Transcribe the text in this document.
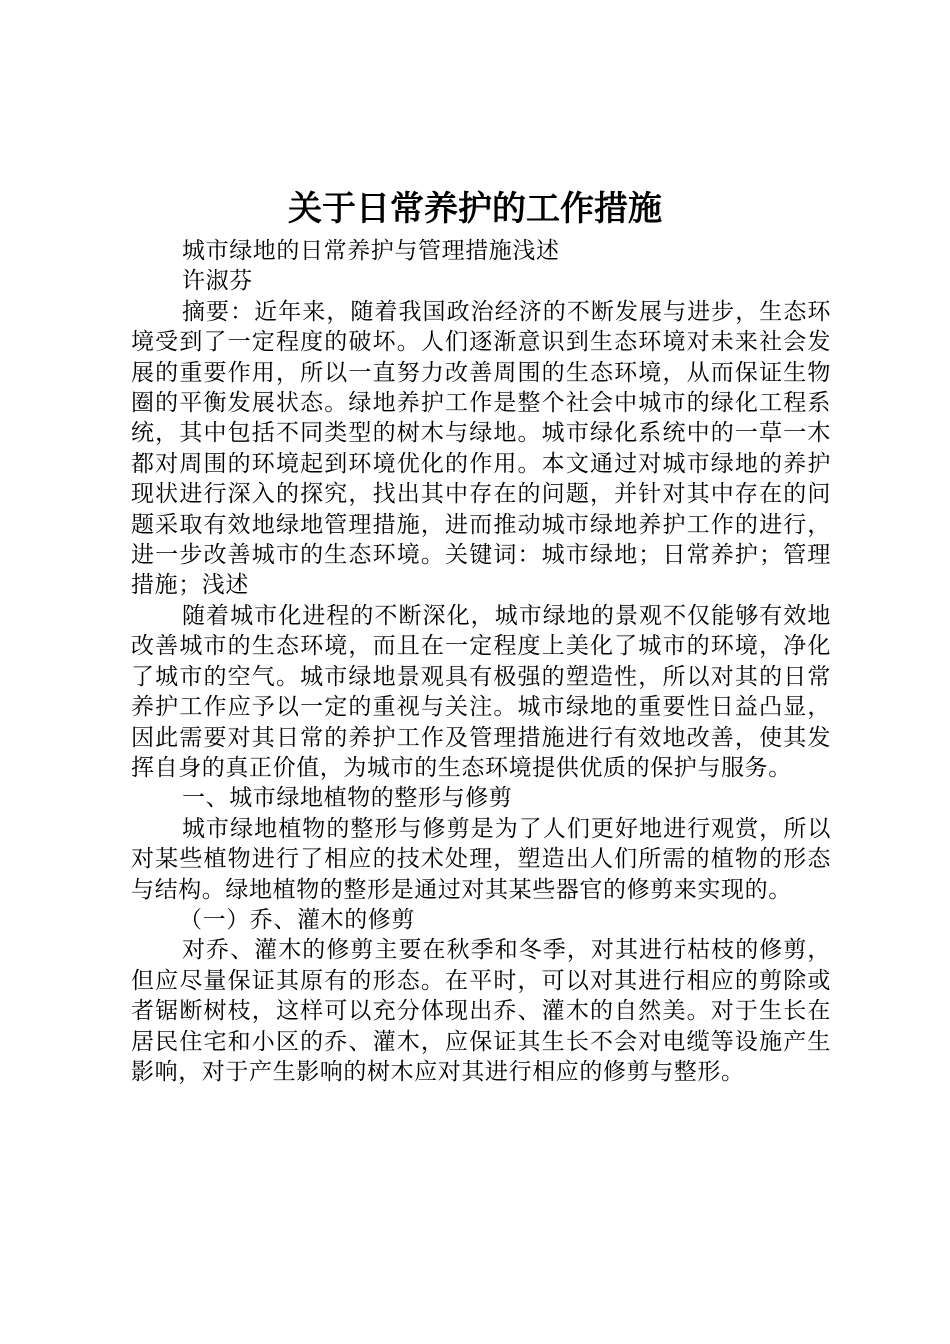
关于日常养护的工作措施

城市绿地的日常养护与管理措施浅述

许淑芬

摘要：近年来，随着我国政治经济的不断发展与进步，生态环境受到了一定程度的破坏。人们逐渐意识到生态环境对未来社会发展的重要作用，所以一直努力改善周围的生态环境，从而保证生物圈的平衡发展状态。绿地养护工作是整个社会中城市的绿化工程系统，其中包括不同类型的树木与绿地。城市绿化系统中的一草一木都对周围的环境起到环境优化的作用。本文通过对城市绿地的养护现状进行深入的探究，找出其中存在的问题，并针对其中存在的问题采取有效地绿地管理措施，进而推动城市绿地养护工作的进行，进一步改善城市的生态环境。关键词：城市绿地；日常养护；管理措施；浅述

随着城市化进程的不断深化，城市绿地的景观不仅能够有效地改善城市的生态环境，而且在一定程度上美化了城市的环境，净化了城市的空气。城市绿地景观具有极强的塑造性，所以对其的日常养护工作应予以一定的重视与关注。城市绿地的重要性日益凸显，因此需要对其日常的养护工作及管理措施进行有效地改善，使其发挥自身的真正价值，为城市的生态环境提供优质的保护与服务。

一、城市绿地植物的整形与修剪

城市绿地植物的整形与修剪是为了人们更好地进行观赏，所以对某些植物进行了相应的技术处理，塑造出人们所需的植物的形态与结构。绿地植物的整形是通过对其某些器官的修剪来实现的。

（一）乔、灌木的修剪

对乔、灌木的修剪主要在秋季和冬季，对其进行枯枝的修剪，但应尽量保证其原有的形态。在平时，可以对其进行相应的剪除或者锯断树枝，这样可以充分体现出乔、灌木的自然美。对于生长在居民住宅和小区的乔、灌木，应保证其生长不会对电缆等设施产生影响，对于产生影响的树木应对其进行相应的修剪与整形。
